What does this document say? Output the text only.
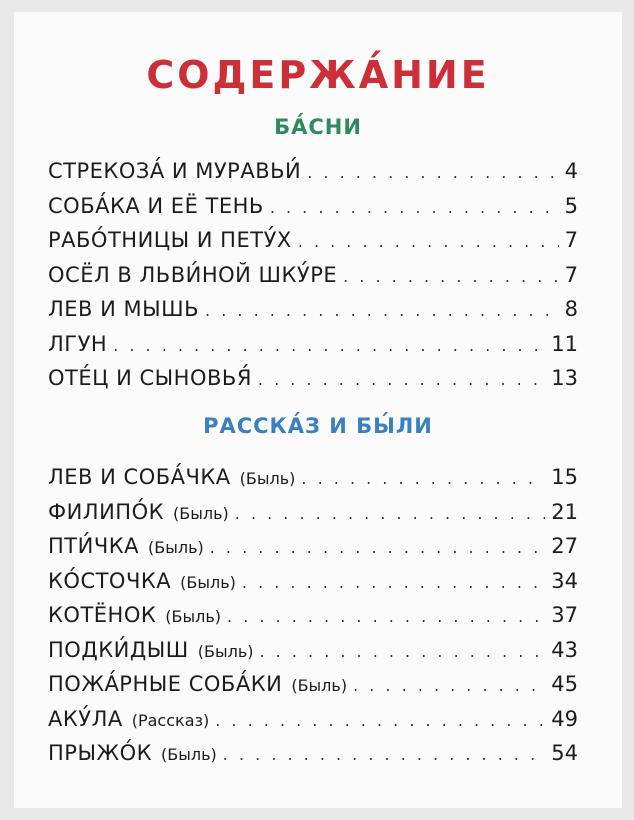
СОДЕРЖА́НИЕ
БА́СНИ
СТРЕКОЗА́ И МУРАВЬИ́ . . .	4
СОБА́КА И ЕЁ ТЕНЬ . . .	5
РАБО́ТНИЦЫ И ПЕТУ́Х . . .	7
ОСЁЛ В ЛЬВИ́НОЙ ШКУ́РЕ . . .	7
ЛЕВ И МЫШЬ . . .	8
ЛГУН . . .	11
ОТЕ́Ц И СЫНОВЬЯ́ . . .	13
РАССКА́З И БЫ́ЛИ
ЛЕВ И СОБА́ЧКА (Быль) . . .	15
ФИЛИПО́К (Быль) . . .	21
ПТИ́ЧКА (Быль) . . .	27
КО́СТОЧКА (Быль) . . .	34
КОТЁНОК (Быль) . . .	37
ПОДКИ́ДЫШ (Быль) . . .	43
ПОЖА́РНЫЕ СОБА́КИ (Быль) . . .	45
АКУ́ЛА (Рассказ) . . .	49
ПРЫЖО́К (Быль) . . .	54
